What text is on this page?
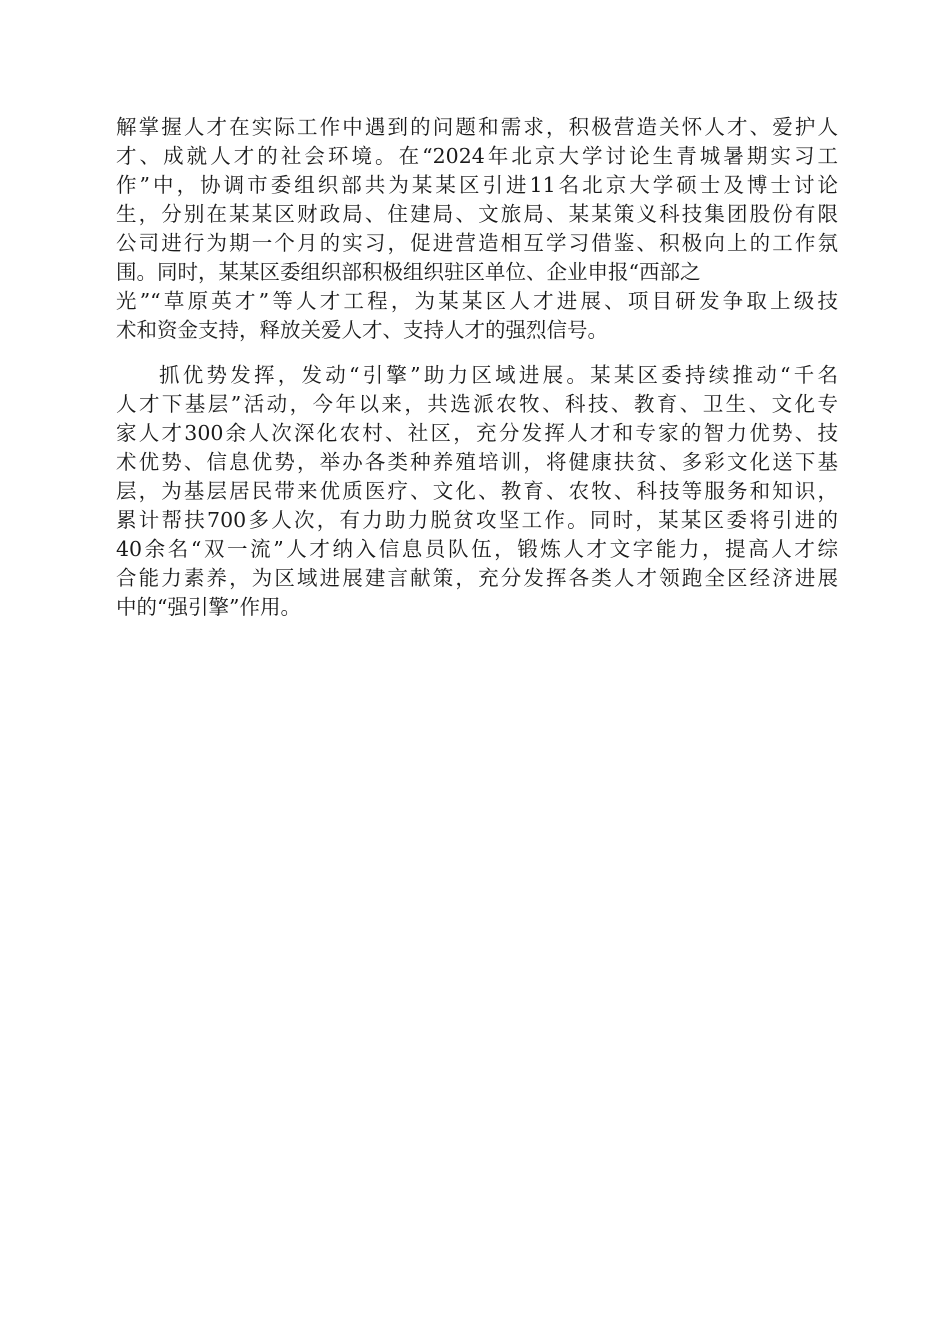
解掌握人才在实际工作中遇到的问题和需求，积极营造关怀人才、爱护人
才、成就人才的社会环境。在“2024年北京大学讨论生青城暑期实习工
作”中，协调市委组织部共为某某区引进11名北京大学硕士及博士讨论
生，分别在某某区财政局、住建局、文旅局、某某策义科技集团股份有限
公司进行为期一个月的实习，促进营造相互学习借鉴、积极向上的工作氛
围。同时，某某区委组织部积极组织驻区单位、企业申报“西部之
光”“草原英才”等人才工程，为某某区人才进展、项目研发争取上级技
术和资金支持，释放关爱人才、支持人才的强烈信号。
抓优势发挥，发动“引擎”助力区域进展。某某区委持续推动“千名
人才下基层”活动，今年以来，共选派农牧、科技、教育、卫生、文化专
家人才300余人次深化农村、社区，充分发挥人才和专家的智力优势、技
术优势、信息优势，举办各类种养殖培训，将健康扶贫、多彩文化送下基
层，为基层居民带来优质医疗、文化、教育、农牧、科技等服务和知识，
累计帮扶700多人次，有力助力脱贫攻坚工作。同时，某某区委将引进的
40余名“双一流”人才纳入信息员队伍，锻炼人才文字能力，提高人才综
合能力素养，为区域进展建言献策，充分发挥各类人才领跑全区经济进展
中的“强引擎”作用。
